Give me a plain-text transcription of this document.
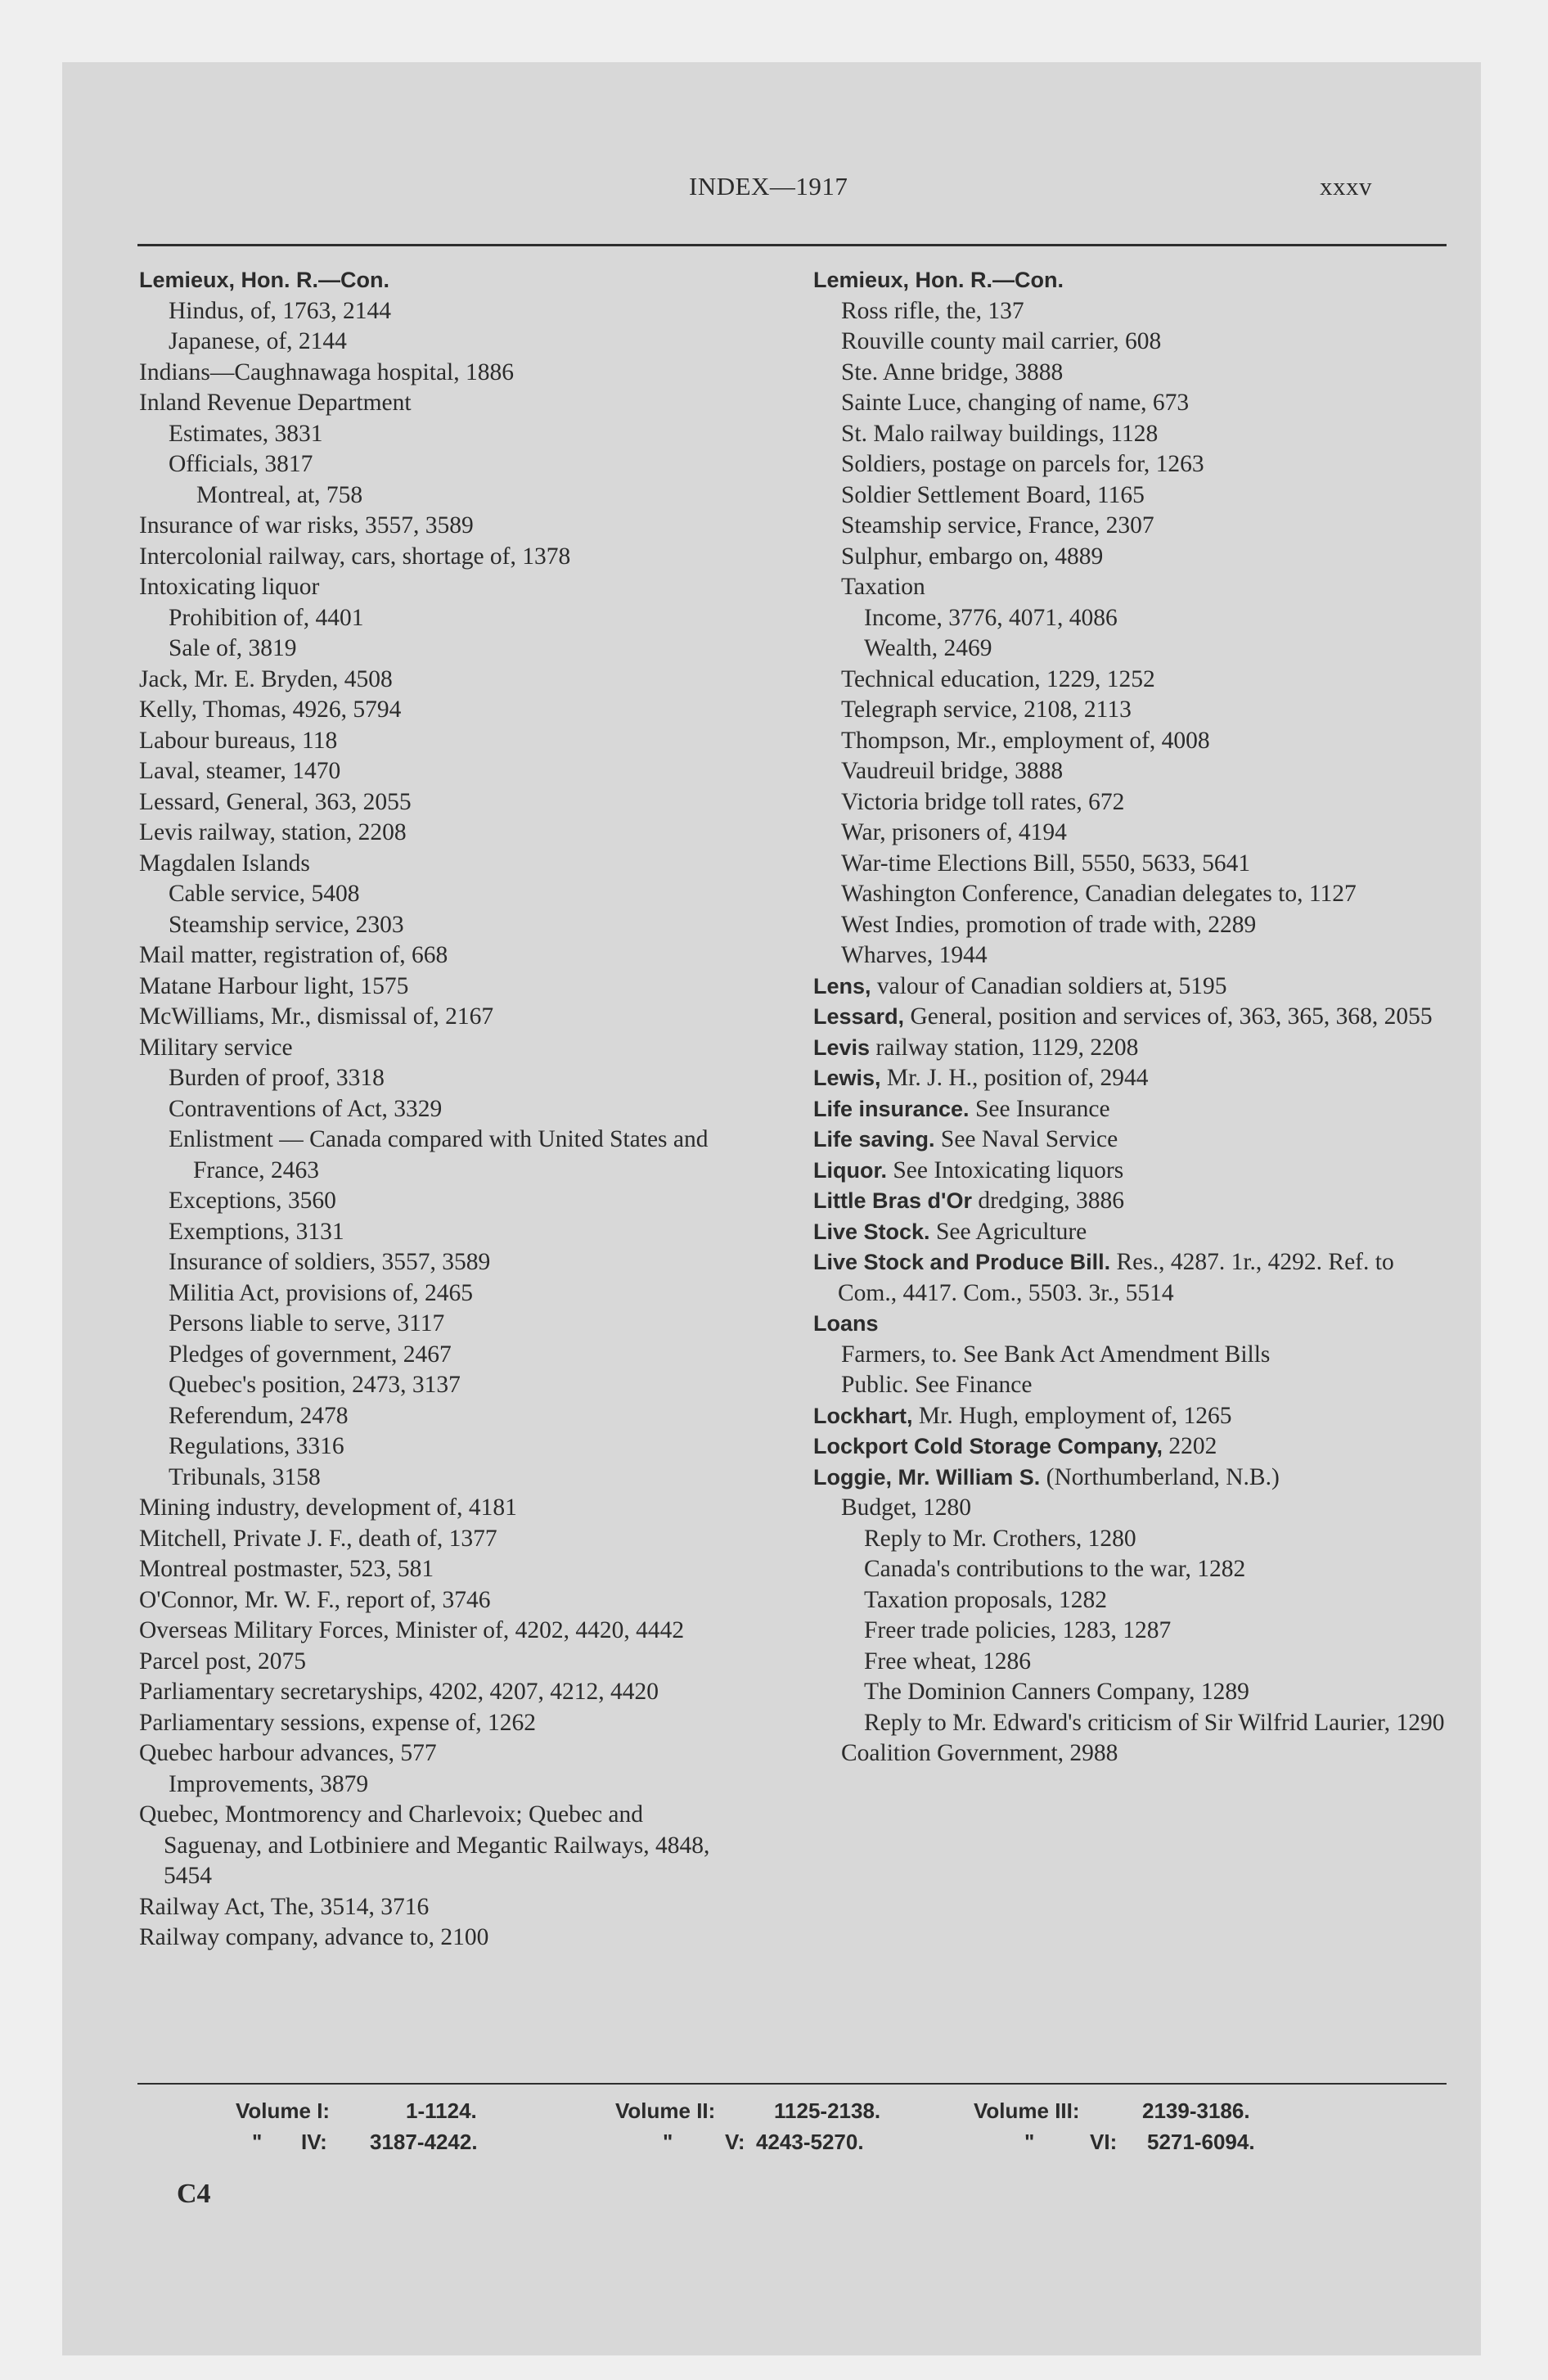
INDEX—1917	xxxv
Lemieux, Hon. R.—Con.
Hindus, of, 1763, 2144
Japanese, of, 2144
Indians—Caughnawaga hospital, 1886
Inland Revenue Department
Estimates, 3831
Officials, 3817
Montreal, at, 758
Insurance of war risks, 3557, 3589
Intercolonial railway, cars, shortage of, 1378
Intoxicating liquor
Prohibition of, 4401
Sale of, 3819
Jack, Mr. E. Bryden, 4508
Kelly, Thomas, 4926, 5794
Labour bureaus, 118
Laval, steamer, 1470
Lessard, General, 363, 2055
Levis railway, station, 2208
Magdalen Islands
Cable service, 5408
Steamship service, 2303
Mail matter, registration of, 668
Matane Harbour light, 1575
McWilliams, Mr., dismissal of, 2167
Military service
Burden of proof, 3318
Contraventions of Act, 3329
Enlistment — Canada compared with United States and France, 2463
Exceptions, 3560
Exemptions, 3131
Insurance of soldiers, 3557, 3589
Militia Act, provisions of, 2465
Persons liable to serve, 3117
Pledges of government, 2467
Quebec's position, 2473, 3137
Referendum, 2478
Regulations, 3316
Tribunals, 3158
Mining industry, development of, 4181
Mitchell, Private J. F., death of, 1377
Montreal postmaster, 523, 581
O'Connor, Mr. W. F., report of, 3746
Overseas Military Forces, Minister of, 4202, 4420, 4442
Parcel post, 2075
Parliamentary secretaryships, 4202, 4207, 4212, 4420
Parliamentary sessions, expense of, 1262
Quebec harbour advances, 577
Improvements, 3879
Quebec, Montmorency and Charlevoix; Quebec and Saguenay, and Lotbiniere and Megantic Railways, 4848, 5454
Railway Act, The, 3514, 3716
Railway company, advance to, 2100
Lemieux, Hon. R.—Con.
Ross rifle, the, 137
Rouville county mail carrier, 608
Ste. Anne bridge, 3888
Sainte Luce, changing of name, 673
St. Malo railway buildings, 1128
Soldiers, postage on parcels for, 1263
Soldier Settlement Board, 1165
Steamship service, France, 2307
Sulphur, embargo on, 4889
Taxation
Income, 3776, 4071, 4086
Wealth, 2469
Technical education, 1229, 1252
Telegraph service, 2108, 2113
Thompson, Mr., employment of, 4008
Vaudreuil bridge, 3888
Victoria bridge toll rates, 672
War, prisoners of, 4194
War-time Elections Bill, 5550, 5633, 5641
Washington Conference, Canadian delegates to, 1127
West Indies, promotion of trade with, 2289
Wharves, 1944
Lens, valour of Canadian soldiers at, 5195
Lessard, General, position and services of, 363, 365, 368, 2055
Levis railway station, 1129, 2208
Lewis, Mr. J. H., position of, 2944
Life insurance. See Insurance
Life saving. See Naval Service
Liquor. See Intoxicating liquors
Little Bras d'Or dredging, 3886
Live Stock. See Agriculture
Live Stock and Produce Bill. Res., 4287. 1r., 4292. Ref. to Com., 4417. Com., 5503. 3r., 5514
Loans
Farmers, to. See Bank Act Amendment Bills
Public. See Finance
Lockhart, Mr. Hugh, employment of, 1265
Lockport Cold Storage Company, 2202
Loggie, Mr. William S. (Northumberland, N.B.)
Budget, 1280
Reply to Mr. Crothers, 1280
Canada's contributions to the war, 1282
Taxation proposals, 1282
Freer trade policies, 1283, 1287
Free wheat, 1286
The Dominion Canners Company, 1289
Reply to Mr. Edward's criticism of Sir Wilfrid Laurier, 1290
Coalition Government, 2988
Volume I:	1-1124.	Volume II:	1125-2138.	Volume III:	2139-3186.
" IV: 3187-4242.	" V: 4243-5270.	"	VI: 5271-6094.
C4
